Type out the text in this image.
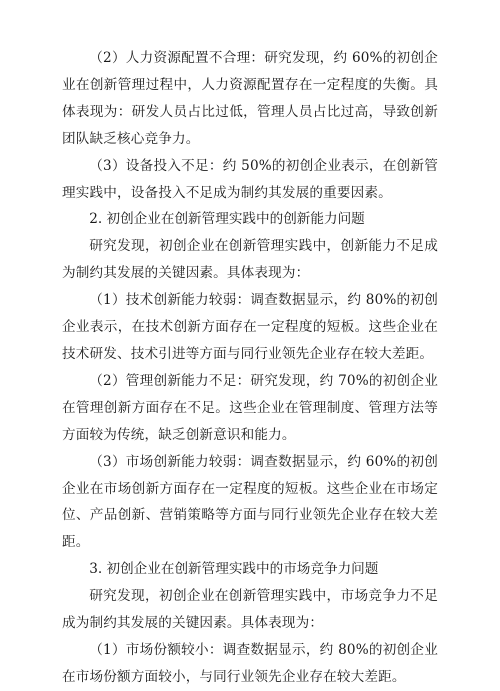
（2）人力资源配置不合理：研究发现，约 60%的初创企业在创新管理过程中，人力资源配置存在一定程度的失衡。具体表现为：研发人员占比过低，管理人员占比过高，导致创新团队缺乏核心竞争力。

（3）设备投入不足：约 50%的初创企业表示，在创新管理实践中，设备投入不足成为制约其发展的重要因素。

2. 初创企业在创新管理实践中的创新能力问题

研究发现，初创企业在创新管理实践中，创新能力不足成为制约其发展的关键因素。具体表现为：

（1）技术创新能力较弱：调查数据显示，约 80%的初创企业表示，在技术创新方面存在一定程度的短板。这些企业在技术研发、技术引进等方面与同行业领先企业存在较大差距。

（2）管理创新能力不足：研究发现，约 70%的初创企业在管理创新方面存在不足。这些企业在管理制度、管理方法等方面较为传统，缺乏创新意识和能力。

（3）市场创新能力较弱：调查数据显示，约 60%的初创企业在市场创新方面存在一定程度的短板。这些企业在市场定位、产品创新、营销策略等方面与同行业领先企业存在较大差距。

3. 初创企业在创新管理实践中的市场竞争力问题

研究发现，初创企业在创新管理实践中，市场竞争力不足成为制约其发展的关键因素。具体表现为：

（1）市场份额较小：调查数据显示，约 80%的初创企业在市场份额方面较小，与同行业领先企业存在较大差距。
